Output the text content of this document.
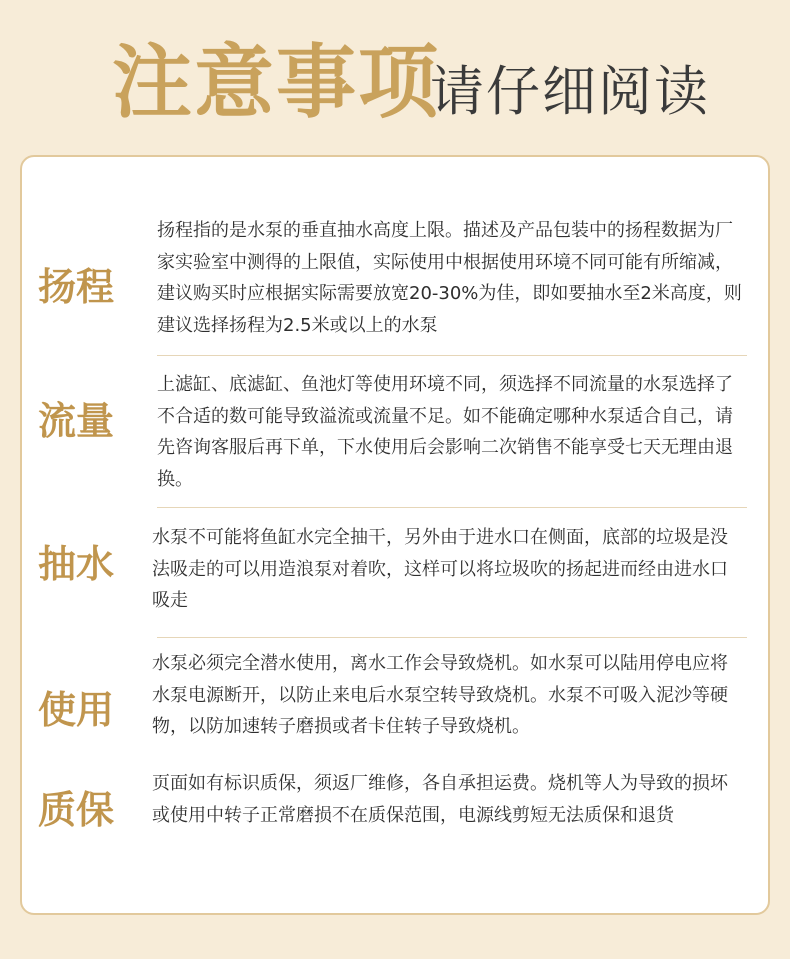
注意事项
请仔细阅读
扬程
扬程指的是水泵的垂直抽水高度上限。描述及产品包装中的扬程数据为厂家实验室中测得的上限值，实际使用中根据使用环境不同可能有所缩减，建议购买时应根据实际需要放宽20-30%为佳，即如要抽水至2米高度，则建议选择扬程为2.5米或以上的水泵
流量
上滤缸、底滤缸、鱼池灯等使用环境不同，须选择不同流量的水泵选择了不合适的数可能导致溢流或流量不足。如不能确定哪种水泵适合自己，请先咨询客服后再下单，下水使用后会影响二次销售不能享受七天无理由退换。
抽水
水泵不可能将鱼缸水完全抽干，另外由于进水口在侧面，底部的垃圾是没法吸走的可以用造浪泵对着吹，这样可以将垃圾吹的扬起进而经由进水口吸走
使用
水泵必须完全潜水使用，离水工作会导致烧机。如水泵可以陆用停电应将水泵电源断开，以防止来电后水泵空转导致烧机。水泵不可吸入泥沙等硬物，以防加速转子磨损或者卡住转子导致烧机。
质保
页面如有标识质保，须返厂维修，各自承担运费。烧机等人为导致的损坏或使用中转子正常磨损不在质保范围，电源线剪短无法质保和退货
